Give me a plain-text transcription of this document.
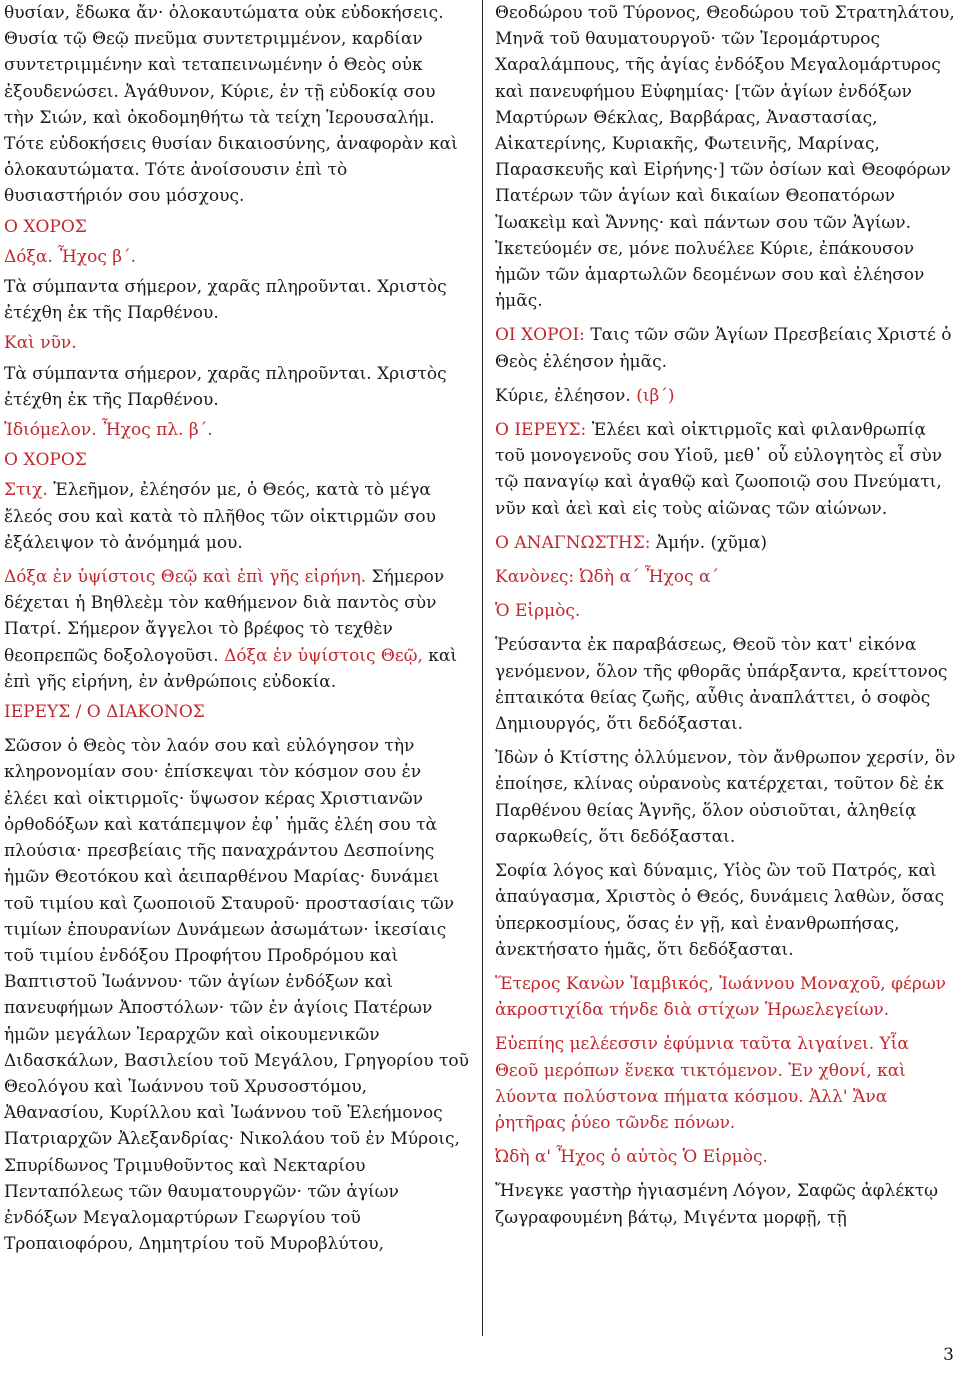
θυσίαν, ἔδωκα ἄν· ὁλοκαυτώματα οὐκ εὐδοκήσεις. Θυσία τῷ Θεῷ πνεῦμα συντετριμμένον, καρδίαν συντετριμμένην καὶ τεταπεινωμένην ὁ Θεὸς οὐκ ἐξουδενώσει. Ἀγάθυνον, Κύριε, ἐν τῇ εὐδοκίᾳ σου τὴν Σιών, καὶ ὀκοδομηθήτω τὰ τείχη Ἱερουσαλήμ. Τότε εὐδοκήσεις θυσίαν δικαιοσύνης, ἀναφορὰν καὶ ὁλοκαυτώματα. Τότε ἀνοίσουσιν ἐπὶ τὸ θυσιαστήριόν σου μόσχους.
Ο ΧΟΡΟΣ
Δόξα. Ἦχος β΄.
Τὰ σύμπαντα σήμερον, χαρᾶς πληροῦνται. Χριστὸς ἐτέχθη ἐκ τῆς Παρθένου.
Καὶ νῦν.
Τὰ σύμπαντα σήμερον, χαρᾶς πληροῦνται. Χριστὸς ἐτέχθη ἐκ τῆς Παρθένου.
Ἰδιόμελον. Ἦχος πλ. β΄.
Ο ΧΟΡΟΣ
Στιχ. Ἐλεῆμον, ἐλέησόν με, ὁ Θεός, κατὰ τὸ μέγα ἔλεός σου καὶ κατὰ τὸ πλῆθος τῶν οἰκτιρμῶν σου ἐξάλειψον τὸ ἀνόμημά μου.
Δόξα ἐν ὑψίστοις Θεῷ καὶ ἐπὶ γῆς εἰρήνη. Σήμερον δέχεται ἡ Βηθλεὲμ τὸν καθήμενον διὰ παντὸς σὺν Πατρί. Σήμερον ἄγγελοι τὸ βρέφος τὸ τεχθὲν θεοπρεπῶς δοξολογοῦσι. Δόξα ἐν ὑψίστοις Θεῷ, καὶ ἐπὶ γῆς εἰρήνη, ἐν ἀνθρώποις εὐδοκία.
ΙΕΡΕΥΣ / Ο ΔΙΑΚΟΝΟΣ
Σῶσον ὁ Θεὸς τὸν λαόν σου καὶ εὐλόγησον τὴν κληρονομίαν σου· ἐπίσκεψαι τὸν κόσμον σου ἐν ἐλέει καὶ οἰκτιρμοῖς· ὕψωσον κέρας Χριστιανῶν ὀρθοδόξων καὶ κατάπεμψον ἐφ᾽ ἡμᾶς ἐλέη σου τὰ πλούσια· πρεσβείαις τῆς παναχράντου Δεσποίνης ἡμῶν Θεοτόκου καὶ ἀειπαρθένου Μαρίας· δυνάμει τοῦ τιμίου καὶ ζωοποιοῦ Σταυροῦ· προστασίαις τῶν τιμίων ἐπουρανίων Δυνάμεων ἀσωμάτων· ἱκεσίαις τοῦ τιμίου ἐνδόξου Προφήτου Προδρόμου καὶ Βαπτιστοῦ Ἰωάννου· τῶν ἁγίων ἐνδόξων καὶ πανευφήμων Ἀποστόλων· τῶν ἐν ἁγίοις Πατέρων ἡμῶν μεγάλων Ἱεραρχῶν καὶ οἰκουμενικῶν Διδασκάλων, Βασιλείου τοῦ Μεγάλου, Γρηγορίου τοῦ Θεολόγου καὶ Ἰωάννου τοῦ Χρυσοστόμου, Ἀθανασίου, Κυρίλλου καὶ Ἰωάννου τοῦ Ἐλεήμονος Πατριαρχῶν Ἀλεξανδρίας· Νικολάου τοῦ ἐν Μύροις, Σπυρίδωνος Τριμυθοῦντος καὶ Νεκταρίου Πενταπόλεως τῶν θαυματουργῶν· τῶν ἁγίων ἐνδόξων Μεγαλομαρτύρων Γεωργίου τοῦ Τροπαιοφόρου, Δημητρίου τοῦ Μυροβλύτου,
Θεοδώρου τοῦ Τύρονος, Θεοδώρου τοῦ Στρατηλάτου, Μηνᾶ τοῦ θαυματουργοῦ· τῶν Ἱερομάρτυρος Χαραλάμπους, τῆς ἁγίας ἐνδόξου Μεγαλομάρτυρος καὶ πανευφήμου Εὐφημίας· [τῶν ἁγίων ἐνδόξων Μαρτύρων Θέκλας, Βαρβάρας, Ἀναστασίας, Αἰκατερίνης, Κυριακῆς, Φωτεινῆς, Μαρίνας, Παρασκευῆς καὶ Εἰρήνης·] τῶν ὁσίων καὶ Θεοφόρων Πατέρων τῶν ἁγίων καὶ δικαίων Θεοπατόρων Ἰωακεὶμ καὶ Ἄννης· καὶ πάντων σου τῶν Ἁγίων. Ἱκετεύομέν σε, μόνε πολυέλεε Κύριε, ἐπάκουσον ἡμῶν τῶν ἁμαρτωλῶν δεομένων σου καὶ ἐλέησον ἡμᾶς.
ΟΙ ΧΟΡΟΙ: Ταις τῶν σῶν Ἁγίων Πρεσβείαις Χριστέ ὁ Θεὸς ἐλέησον ἡμᾶς.
Κύριε, ἐλέησον. (ιβ΄)
Ο ΙΕΡΕΥΣ: Ἐλέει καὶ οἰκτιρμοῖς καὶ φιλανθρωπίᾳ τοῦ μονογενοῦς σου Υἱοῦ, μεθ᾽ οὗ εὐλογητὸς εἶ σὺν τῷ παναγίῳ καὶ ἀγαθῷ καὶ ζωοποιῷ σου Πνεύματι, νῦν καὶ ἀεὶ καὶ εἰς τοὺς αἰῶνας τῶν αἰώνων.
Ο ΑΝΑΓΝΩΣΤΗΣ: Ἀμήν. (χῦμα)
Κανὸνες: Ὠδὴ α΄ Ἦχος α΄
Ὁ Εἱρμὸς.
Ῥεύσαντα ἐκ παραβάσεως, Θεοῦ τὸν κατ' εἰκόνα γενόμενον, ὅλον τῆς φθορᾶς ὑπάρξαντα, κρείττονος ἐπταικότα θείας ζωῆς, αὖθις ἀναπλάττει, ὁ σοφὸς Δημιουργός, ὅτι δεδόξασται.
Ἰδὼν ὁ Κτίστης ὀλλύμενον, τὸν ἄνθρωπον χερσίν, ὃν ἐποίησε, κλίνας οὐρανοὺς κατέρχεται, τοῦτον δὲ ἐκ Παρθένου θείας Ἁγνῆς, ὅλον οὐσιοῦται, ἀληθείᾳ σαρκωθείς, ὅτι δεδόξασται.
Σοφία λόγος καὶ δύναμις, Υἱὸς ὢν τοῦ Πατρός, καὶ ἀπαύγασμα, Χριστὸς ὁ Θεός, δυνάμεις λαθὼν, ὅσας ὑπερκοσμίους, ὅσας ἐν γῇ, καὶ ἐνανθρωπήσας, ἀνεκτήσατο ἡμᾶς, ὅτι δεδόξασται.
Ἕτερος Κανὼν Ἰαμβικός, Ἰωάννου Μοναχοῦ, φέρων ἀκροστιχίδα τήνδε διὰ στίχων Ἡρωελεγείων.
Εὐεπίης μελέεσσιν ἐφύμνια ταῦτα λιγαίνει. Υἷα Θεοῦ μερόπων ἕνεκα τικτόμενον. Ἐν χθονί, καὶ λύοντα πολύστονα πήματα κόσμου. Ἀλλ' Ἄνα ῥητῆρας ῥύεο τῶνδε πόνων.
Ὠδὴ α' Ἦχος ὁ αὐτὸς Ὁ Εἱρμὸς.
Ἤνεγκε γαστὴρ ἡγιασμένη Λόγον, Σαφῶς ἀφλέκτῳ ζωγραφουμένη βάτῳ, Μιγέντα μορφῇ, τῇ
3
